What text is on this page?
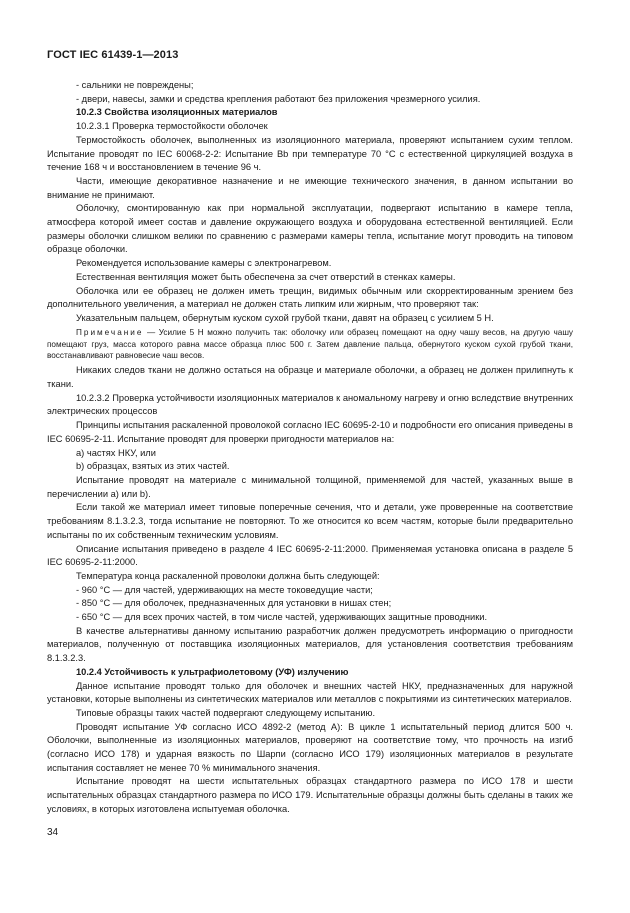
ГОСТ IEC 61439-1—2013

- сальники не повреждены;

- двери, навесы, замки и средства крепления работают без приложения чрезмерного усилия.

10.2.3 Свойства изоляционных материалов

10.2.3.1 Проверка термостойкости оболочек

Термостойкость оболочек, выполненных из изоляционного материала, проверяют испытанием сухим теплом. Испытание проводят по IEC 60068-2-2: Испытание Bb при температуре 70 °С с естественной циркуляцией воздуха в течение 168 ч и восстановлением в течение 96 ч.

Части, имеющие декоративное назначение и не имеющие технического значения, в данном испытании во внимание не принимают.

Оболочку, смонтированную как при нормальной эксплуатации, подвергают испытанию в камере тепла, атмосфера которой имеет состав и давление окружающего воздуха и оборудована естественной вентиляцией. Если размеры оболочки слишком велики по сравнению с размерами камеры тепла, испытание могут проводить на типовом образце оболочки.

Рекомендуется использование камеры с электронагревом.

Естественная вентиляция может быть обеспечена за счет отверстий в стенках камеры.

Оболочка или ее образец не должен иметь трещин, видимых обычным или скорректированным зрением без дополнительного увеличения, а материал не должен стать липким или жирным, что проверяют так:

Указательным пальцем, обернутым куском сухой грубой ткани, давят на образец с усилием 5 Н.

Примечание — Усилие 5 Н можно получить так: оболочку или образец помещают на одну чашу весов, на другую чашу помещают груз, масса которого равна массе образца плюс 500 г. Затем давление пальца, обернутого куском сухой грубой ткани, восстанавливают равновесие чаш весов.

Никаких следов ткани не должно остаться на образце и материале оболочки, а образец не должен прилипнуть к ткани.

10.2.3.2 Проверка устойчивости изоляционных материалов к аномальному нагреву и огню вследствие внутренних электрических процессов

Принципы испытания раскаленной проволокой согласно IEC 60695-2-10 и подробности его описания приведены в IEC 60695-2-11. Испытание проводят для проверки пригодности материалов на:

а) частях НКУ, или

b) образцах, взятых из этих частей.

Испытание проводят на материале с минимальной толщиной, применяемой для частей, указанных выше в перечислении а) или b).

Если такой же материал имеет типовые поперечные сечения, что и детали, уже проверенные на соответствие требованиям 8.1.3.2.3, тогда испытание не повторяют. То же относится ко всем частям, которые были предварительно испытаны по их собственным техническим условиям.

Описание испытания приведено в разделе 4 IEC 60695-2-11:2000. Применяемая установка описана в разделе 5 IEC 60695-2-11:2000.

Температура конца раскаленной проволоки должна быть следующей:

- 960 °С — для частей, удерживающих на месте токоведущие части;

- 850 °С — для оболочек, предназначенных для установки в нишах стен;

- 650 °С — для всех прочих частей, в том числе частей, удерживающих защитные проводники.

В качестве альтернативы данному испытанию разработчик должен предусмотреть информацию о пригодности материалов, полученную от поставщика изоляционных материалов, для установления соответствия требованиям 8.1.3.2.3.

10.2.4 Устойчивость к ультрафиолетовому (УФ) излучению

Данное испытание проводят только для оболочек и внешних частей НКУ, предназначенных для наружной установки, которые выполнены из синтетических материалов или металлов с покрытиями из синтетических материалов.

Типовые образцы таких частей подвергают следующему испытанию.

Проводят испытание УФ согласно ИСО 4892-2 (метод А): В цикле 1 испытательный период длится 500 ч. Оболочки, выполненные из изоляционных материалов, проверяют на соответствие тому, что прочность на изгиб (согласно ИСО 178) и ударная вязкость по Шарпи (согласно ИСО 179) изоляционных материалов в результате испытания составляет не менее 70 % минимального значения.

Испытание проводят на шести испытательных образцах стандартного размера по ИСО 178 и шести испытательных образцах стандартного размера по ИСО 179. Испытательные образцы должны быть сделаны в таких же условиях, в которых изготовлена испытуемая оболочка.

34
